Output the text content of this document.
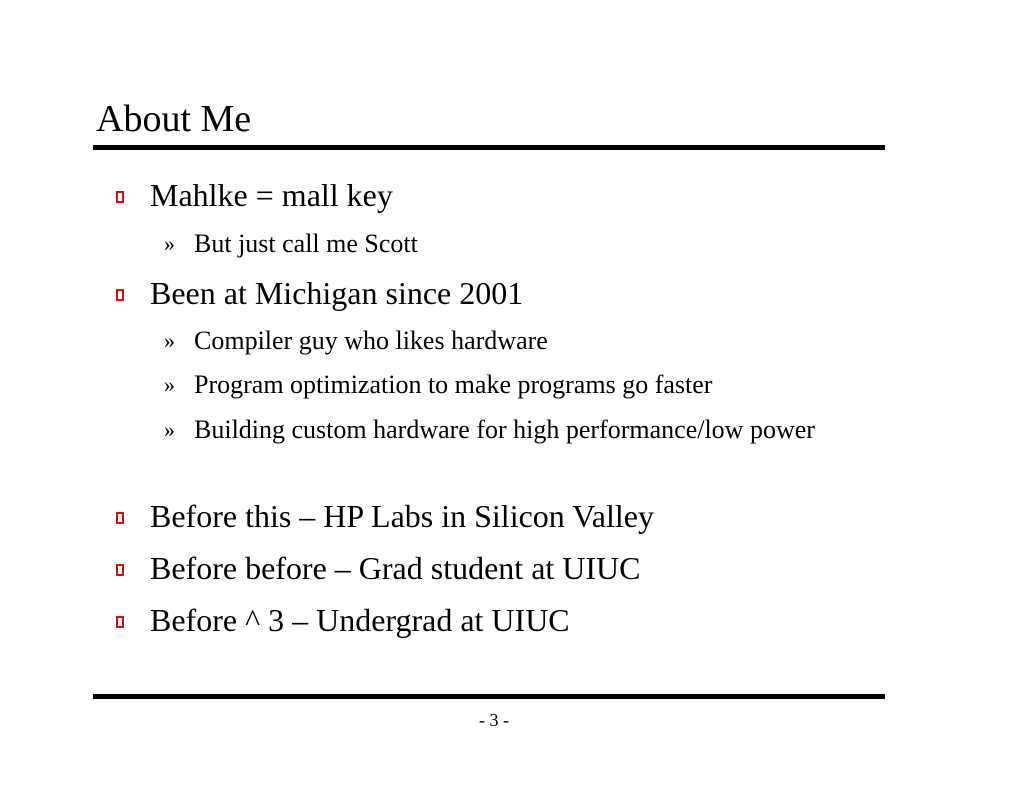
About Me
Mahlke = mall key
» But just call me Scott
Been at Michigan since 2001
» Compiler guy who likes hardware
» Program optimization to make programs go faster
» Building custom hardware for high performance/low power
Before this – HP Labs in Silicon Valley
Before before – Grad student at UIUC
Before ^ 3 – Undergrad at UIUC
- 3 -
